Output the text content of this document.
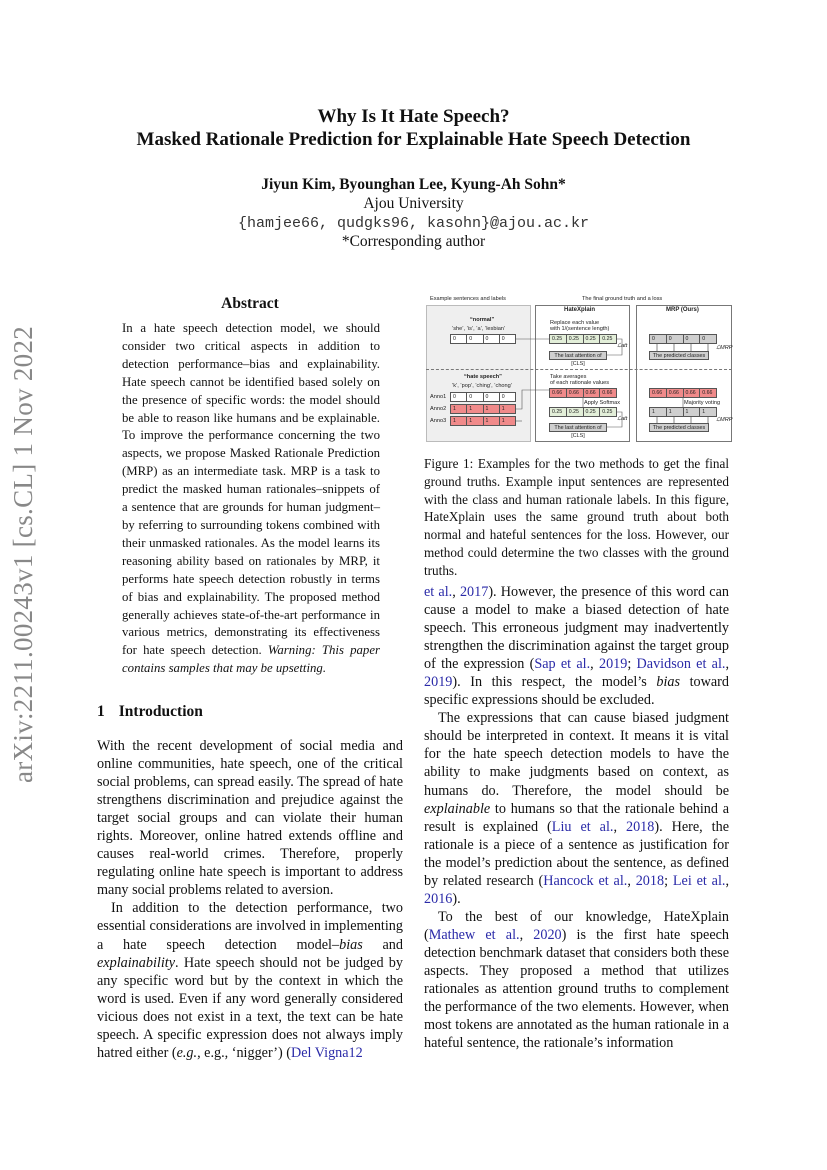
arXiv:2211.00243v1 [cs.CL] 1 Nov 2022
Why Is It Hate Speech?
Masked Rationale Prediction for Explainable Hate Speech Detection
Jiyun Kim, Byounghan Lee, Kyung-Ah Sohn*
Ajou University
{hamjee66, qudgks96, kasohn}@ajou.ac.kr
*Corresponding author
Abstract
In a hate speech detection model, we should consider two critical aspects in addition to detection performance–bias and explainability. Hate speech cannot be identified based solely on the presence of specific words: the model should be able to reason like humans and be explainable. To improve the performance concerning the two aspects, we propose Masked Rationale Prediction (MRP) as an intermediate task. MRP is a task to predict the masked human rationales–snippets of a sentence that are grounds for human judgment–by referring to surrounding tokens combined with their unmasked rationales. As the model learns its reasoning ability based on rationales by MRP, it performs hate speech detection robustly in terms of bias and explainability. The proposed method generally achieves state-of-the-art performance in various metrics, demonstrating its effectiveness for hate speech detection. Warning: This paper contains samples that may be upsetting.
1 Introduction

With the recent development of social media and online communities, hate speech, one of the critical social problems, can spread easily. The spread of hate strengthens discrimination and prejudice against the target social groups and can violate their human rights. Moreover, online hatred extends offline and causes real-world crimes. Therefore, properly regulating online hate speech is important to address many social problems related to aversion.

In addition to the detection performance, two essential considerations are involved in implementing a hate speech detection model–bias and explainability. Hate speech should not be judged by any specific word but by the context in which the word is used. Even if any word generally considered vicious does not exist in a text, the text can be hate speech. A specific expression does not always imply hatred either (e.g., e.g., ‘nigger’) (Del Vigna12

Example sentences and labels	The final ground truth and a loss
HateXplain	MRP (Ours)
“normal”
‘she’, ‘is’, ‘a’, ‘lesbian’
0	0	0	0
Replace each value
with 1/(sentence length)
0.25	0.25	0.25	0.25
The last attention of [CLS]
ℒatt
0	0	0	0
The predicted classes
ℒMRP
“hate speech”
‘k’, ‘pop’, ‘ching’, ‘chong’
Anno1
Anno2
Anno3
0	0	0	0
1	1	1	1
1	1	1	1
Take averages
of each rationale values
0.66	0.66	0.66	0.66
Apply Softmax
0.25	0.25	0.25	0.25
The last attention of [CLS]
ℒatt
0.66	0.66	0.66	0.66
Majority voting
1	1	1	1
The predicted classes
ℒMRP
Figure 1: Examples for the two methods to get the final ground truths. Example input sentences are represented with the class and human rationale labels. In this figure, HateXplain uses the same ground truth about both normal and hateful sentences for the loss. However, our method could determine the two classes with the ground truths.

et al., 2017). However, the presence of this word can cause a model to make a biased detection of hate speech. This erroneous judgment may inadvertently strengthen the discrimination against the target group of the expression (Sap et al., 2019; Davidson et al., 2019). In this respect, the model’s bias toward specific expressions should be excluded.

The expressions that can cause biased judgment should be interpreted in context. It means it is vital for the hate speech detection models to have the ability to make judgments based on context, as humans do. Therefore, the model should be explainable to humans so that the rationale behind a result is explained (Liu et al., 2018). Here, the rationale is a piece of a sentence as justification for the model’s prediction about the sentence, as defined by related research (Hancock et al., 2018; Lei et al., 2016).

To the best of our knowledge, HateXplain (Mathew et al., 2020) is the first hate speech detection benchmark dataset that considers both these aspects. They proposed a method that utilizes rationales as attention ground truths to complement the performance of the two elements. However, when most tokens are annotated as the human rationale in a hateful sentence, the rationale’s information
